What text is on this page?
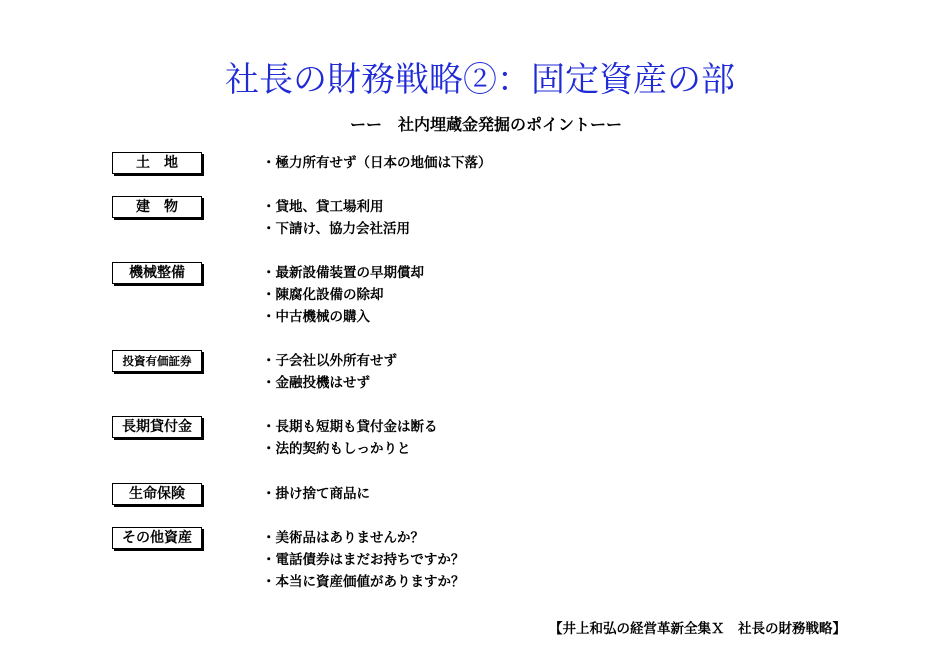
社長の財務戦略②：固定資産の部
ーー　社内埋蔵金発掘のポイントーー
土　地	・極力所有せず（日本の地価は下落）
建　物	・貸地、貸工場利用
・下請け、協力会社活用
機械整備	・最新設備装置の早期償却
・陳腐化設備の除却
・中古機械の購入
投資有価証券	・子会社以外所有せず
・金融投機はせず
長期貸付金	・長期も短期も貸付金は断る
・法的契約もしっかりと
生命保険	・掛け捨て商品に
その他資産	・美術品はありませんか？
・電話債券はまだお持ちですか？
・本当に資産価値がありますか？
【井上和弘の経営革新全集Ｘ　社長の財務戦略】
